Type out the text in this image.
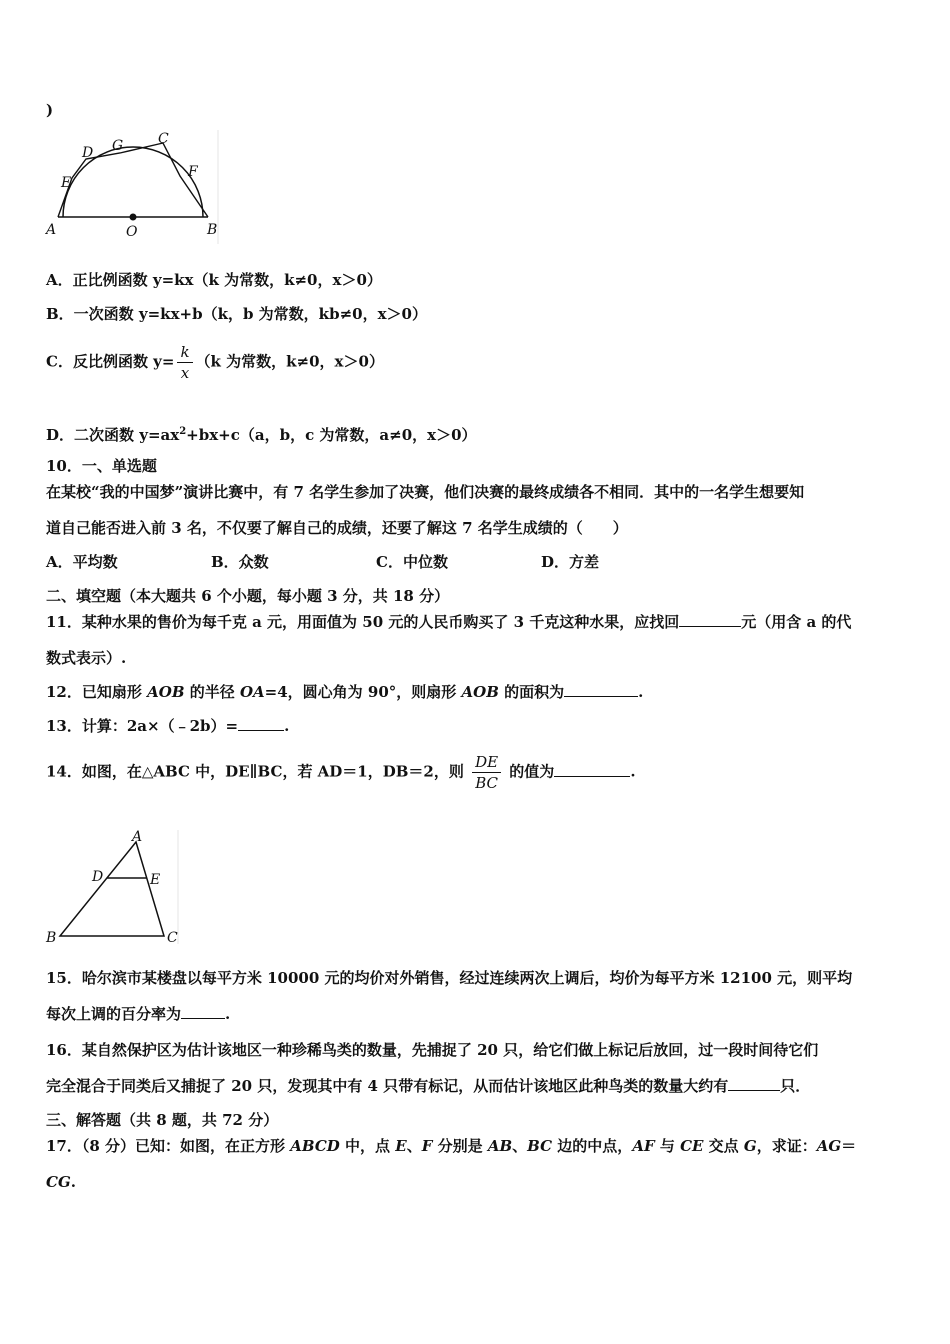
)
A	O	B
E
D G C
F
A．正比例函数 y=kx（k 为常数，k≠0，x＞0）
B．一次函数 y=kx+b（k，b 为常数，kb≠0，x＞0）
C．反比例函数 $y= \frac{k}{x} (k$ 为常数，k≠0，x＞0）
D．二次函数 $y=ax^2+bx+c(a$，b，c 为常数，a≠0，x＞0）
10．一、单选题
在某校“我的中国梦”演讲比赛中，有 7 名学生参加了决赛，他们决赛的最终成绩各不相同．其中的一名学生想要知
道自己能否进入前 3 名，不仅要了解自己的成绩，还要了解这 7 名学生成绩的（　　）
A．平均数	B．众数	C．中位数	D．方差
二、填空题（本大题共 6 个小题，每小题 3 分，共 18 分）
11．某种水果的售价为每千克 a 元，用面值为 50 元的人民币购买了 3 千克这种水果，应找回	元（用含 a 的代
数式表示）.
12．已知扇形 AOB 的半径 OA=4，圆心角为 90°，则扇形 AOB 的面积为	.
13．计算：2a×（﹣2b）=	.
14．如图，在△ABC 中，DE∥BC，若 AD＝1，DB＝2，则 $\frac{DE}{BC}$ 的值为	.
A
D	E
B	C
15．哈尔滨市某楼盘以每平方米 10000 元的均价对外销售，经过连续两次上调后，均价为每平方米 12100 元，则平均
每次上调的百分率为	.
16．某自然保护区为估计该地区一种珍稀鸟类的数量，先捕捉了 20 只，给它们做上标记后放回，过一段时间待它们
完全混合于同类后又捕捉了 20 只，发现其中有 4 只带有标记，从而估计该地区此种鸟类的数量大约有	只．
三、解答题（共 8 题，共 72 分）
17．（8 分）已知：如图，在正方形 ABCD 中，点 E、F 分别是 AB、BC 边的中点，AF 与 CE 交点 G，求证：AG＝
CG.
